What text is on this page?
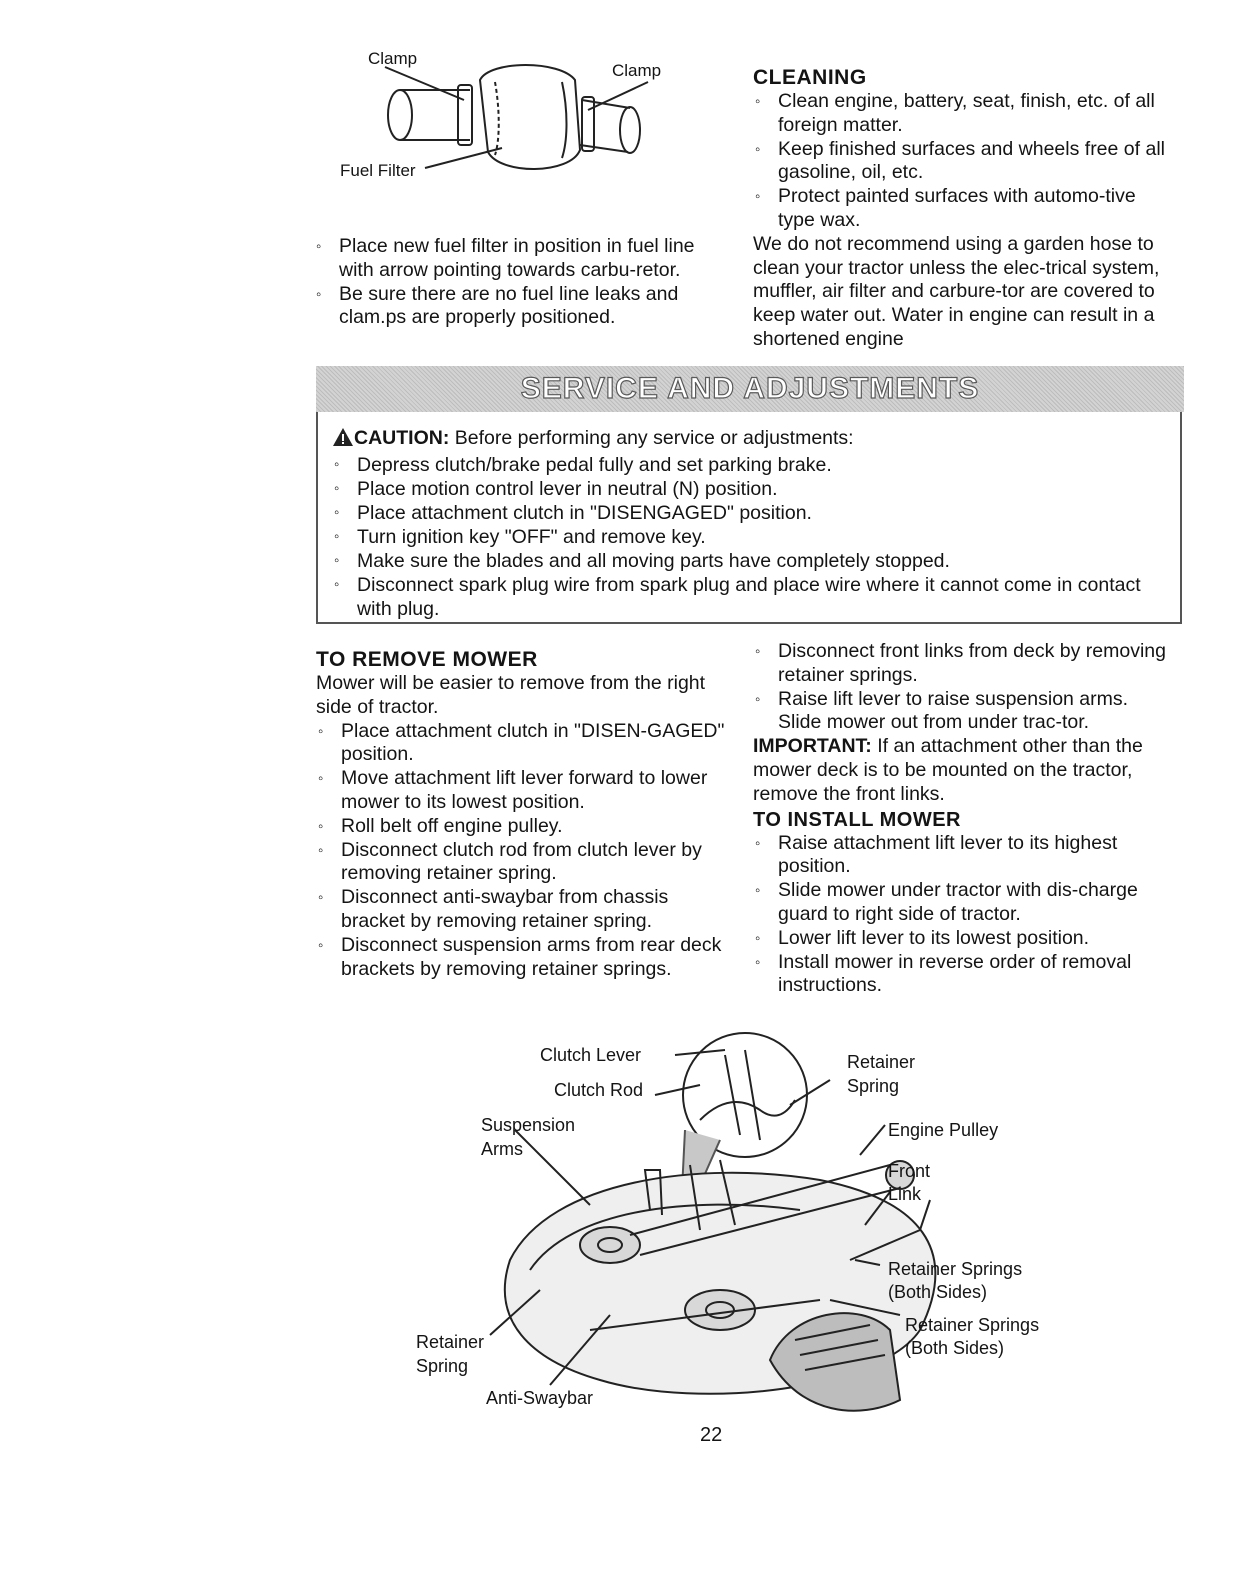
Clamp
Clamp
Fuel Filter
◦ Place new fuel filter in position in fuel line with arrow pointing towards carbu-retor.
◦ Be sure there are no fuel line leaks and clam.ps are properly positioned.
CLEANING
◦ Clean engine, battery, seat, finish, etc. of all foreign matter.
◦ Keep finished surfaces and wheels free of all gasoline, oil, etc.
◦ Protect painted surfaces with automo-tive type wax.

We do not recommend using a garden hose to clean your tractor unless the elec-trical system, muffler, air filter and carbure-tor are covered to keep water out. Water in engine can result in a shortened engine

SERVICE AND ADJUSTMENTS
CAUTION: Before performing any service or adjustments:
◦ Depress clutch/brake pedal fully and set parking brake.
◦ Place motion control lever in neutral (N) position.
◦ Place attachment clutch in "DISENGAGED" position.
◦ Turn ignition key "OFF" and remove key.
◦ Make sure the blades and all moving parts have completely stopped.
◦ Disconnect spark plug wire from spark plug and place wire where it cannot come in contact with plug.
TO REMOVE MOWER

Mower will be easier to remove from the right side of tractor.

◦ Place attachment clutch in "DISEN-GAGED" position.
◦ Move attachment lift lever forward to lower mower to its lowest position.
◦ Roll belt off engine pulley.
◦ Disconnect clutch rod from clutch lever by removing retainer spring.
◦ Disconnect anti-swaybar from chassis bracket by removing retainer spring.
◦ Disconnect suspension arms from rear deck brackets by removing retainer springs.
◦ Disconnect front links from deck by removing retainer springs.
◦ Raise lift lever to raise suspension arms. Slide mower out from under trac-tor.

IMPORTANT: If an attachment other than the mower deck is to be mounted on the tractor, remove the front links.

TO INSTALL MOWER
◦ Raise attachment lift lever to its highest position.
◦ Slide mower under tractor with dis-charge guard to right side of tractor.
◦ Lower lift lever to its lowest position.
◦ Install mower in reverse order of removal instructions.
Clutch Lever
Clutch Rod
Retainer
Spring
Suspension
Arms
Engine Pulley
Front
Link
Retainer Springs
(Both Sides)
Retainer Springs
(Both Sides)
Retainer
Spring
Anti-Swaybar
22
